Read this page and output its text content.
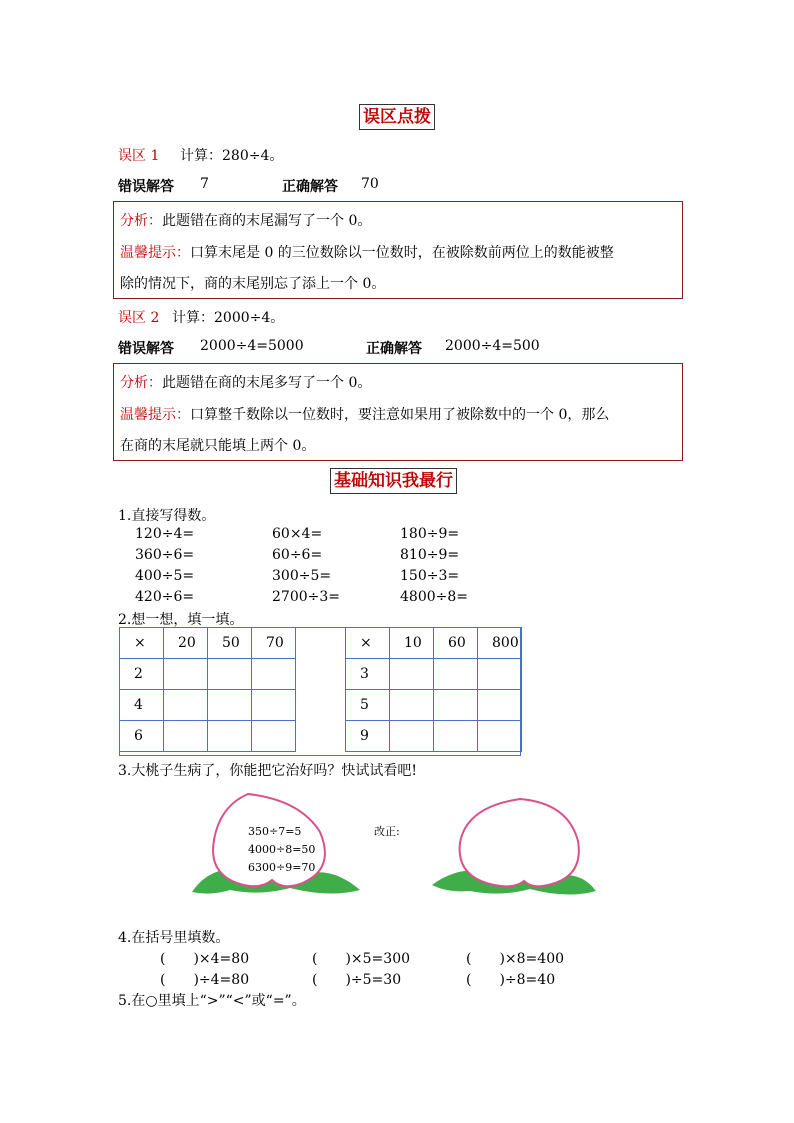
误区点拨
误区 1 计算：280÷4。
错误解答 7	正确解答 70
分析：此题错在商的末尾漏写了一个 0。
温馨提示：口算末尾是 0 的三位数除以一位数时，在被除数前两位上的数能被整
除的情况下，商的末尾别忘了添上一个 0。
误区 2 计算：2000÷4。
错误解答 2000÷4=5000	正确解答 2000÷4=500
分析：此题错在商的末尾多写了一个 0。
温馨提示：口算整千数除以一位数时，要注意如果用了被除数中的一个 0，那么
在商的末尾就只能填上两个 0。
基础知识我最行
1.直接写得数。
120÷4=	60×4=	180÷9=
360÷6=	60÷6=	810÷9=
400÷5=	300÷5=	150÷3=
420÷6=	2700÷3=	4800÷8=
2.想一想，填一填。
×	20	50	70
2			
4			
6			
×	10	60	800
3			
5			
9			
3.大桃子生病了，你能把它治好吗？快试试看吧!
350÷7=5
4000÷8=50
6300÷9=70
改正:
4.在括号里填数。
(　　)×4=80	(　　)×5=300	(　　)×8=400
(　　)÷4=80	(　　)÷5=30	(　　)÷8=40
5.在○里填上“>”“<”或“=”。
